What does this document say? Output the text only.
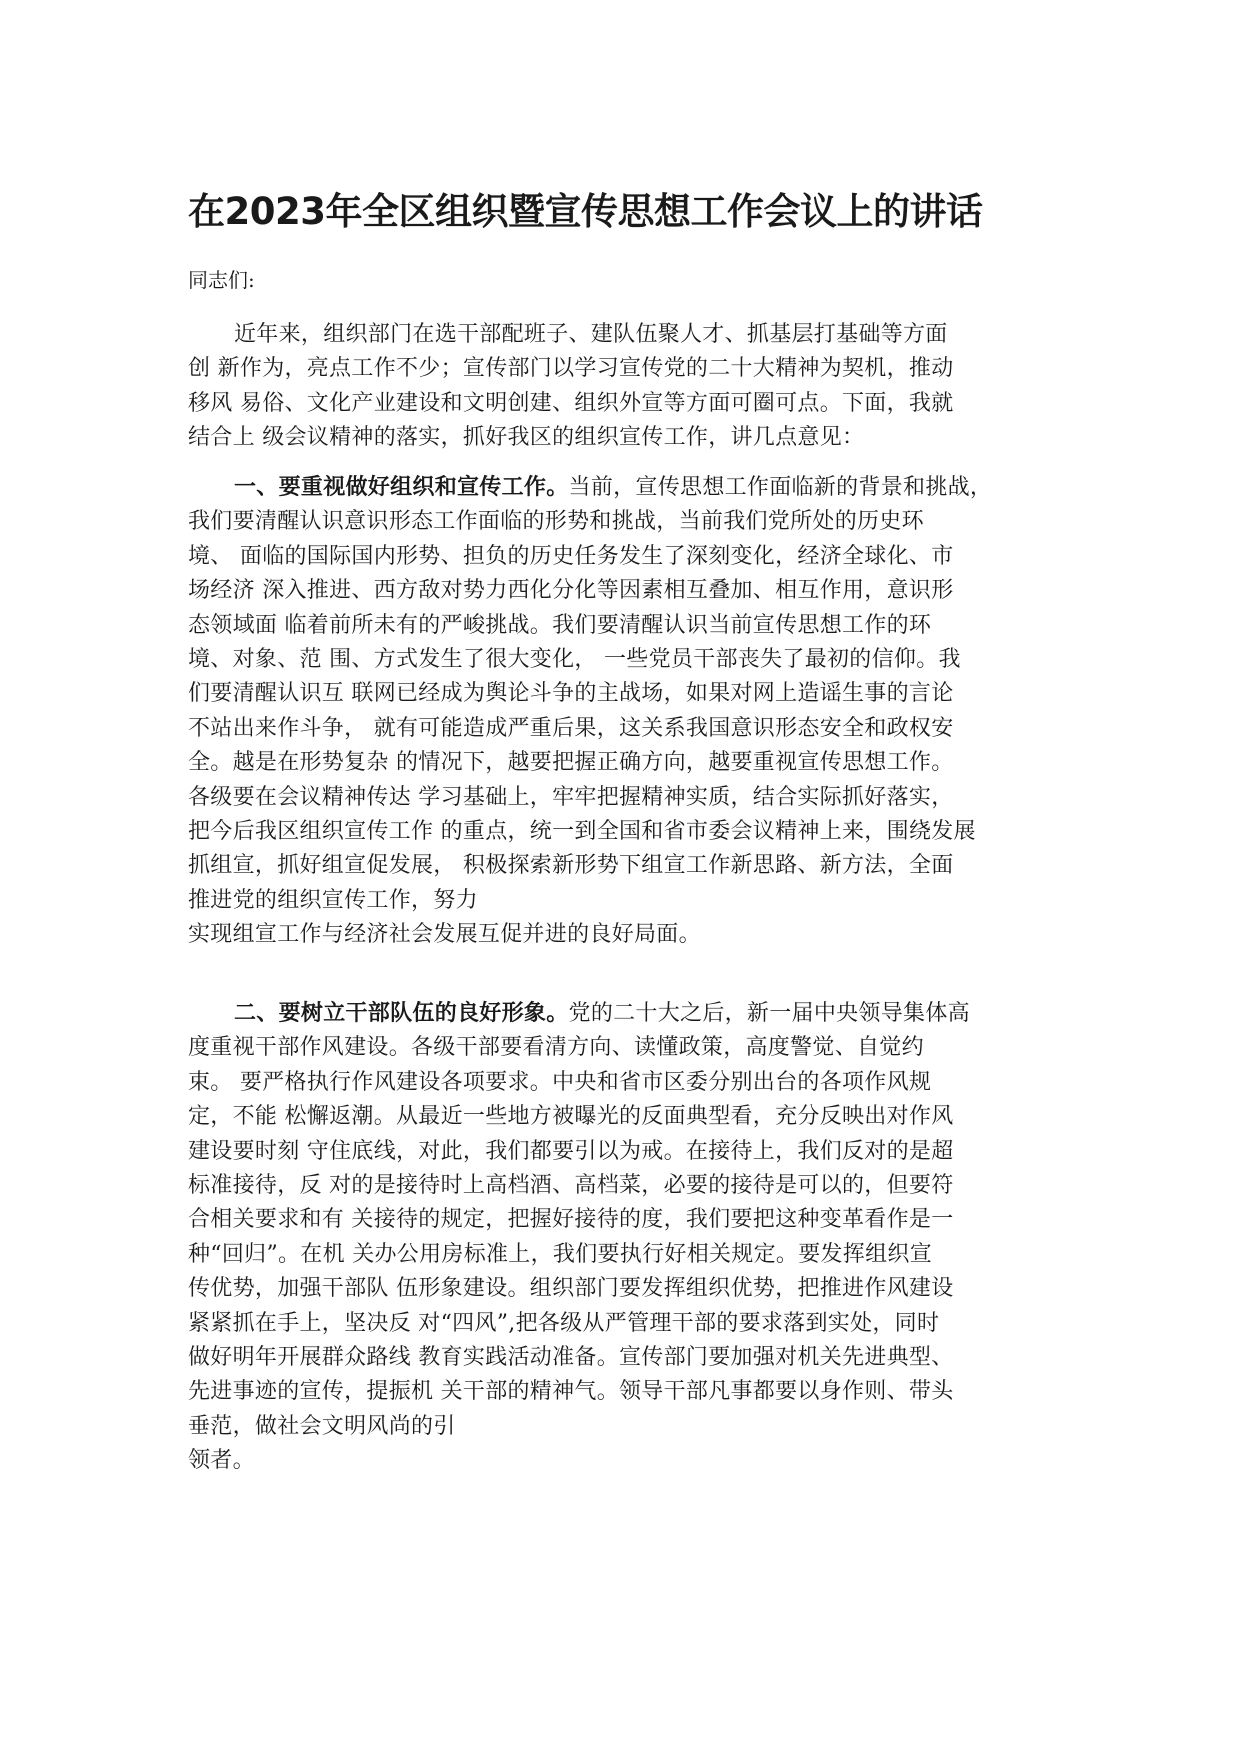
在2023年全区组织暨宣传思想工作会议上的讲话

同志们:

近年来，组织部门在选干部配班子、建队伍聚人才、抓基层打基础等方面
创 新作为，亮点工作不少；宣传部门以学习宣传党的二十大精神为契机，推动
移风 易俗、文化产业建设和文明创建、组织外宣等方面可圈可点。下面，我就
结合上 级会议精神的落实，抓好我区的组织宣传工作，讲几点意见：
一、要重视做好组织和宣传工作。当前，宣传思想工作面临新的背景和挑战，
我们要清醒认识意识形态工作面临的形势和挑战，当前我们党所处的历史环
境、 面临的国际国内形势、担负的历史任务发生了深刻变化，经济全球化、市
场经济 深入推进、西方敌对势力西化分化等因素相互叠加、相互作用，意识形
态领域面 临着前所未有的严峻挑战。我们要清醒认识当前宣传思想工作的环
境、对象、范 围、方式发生了很大变化， 一些党员干部丧失了最初的信仰。我
们要清醒认识互 联网已经成为舆论斗争的主战场，如果对网上造谣生事的言论
不站出来作斗争， 就有可能造成严重后果，这关系我国意识形态安全和政权安
全。越是在形势复杂 的情况下，越要把握正确方向，越要重视宣传思想工作。
各级要在会议精神传达 学习基础上，牢牢把握精神实质，结合实际抓好落实，
把今后我区组织宣传工作 的重点，统一到全国和省市委会议精神上来，围绕发展
抓组宣，抓好组宣促发展， 积极探索新形势下组宣工作新思路、新方法，全面
推进党的组织宣传工作，努力
实现组宣工作与经济社会发展互促并进的良好局面。
二、要树立干部队伍的良好形象。党的二十大之后，新一届中央领导集体高
度重视干部作风建设。各级干部要看清方向、读懂政策，高度警觉、自觉约
束。 要严格执行作风建设各项要求。中央和省市区委分别出台的各项作风规
定，不能 松懈返潮。从最近一些地方被曝光的反面典型看，充分反映出对作风
建设要时刻 守住底线，对此，我们都要引以为戒。在接待上，我们反对的是超
标准接待，反 对的是接待时上高档酒、高档菜，必要的接待是可以的，但要符
合相关要求和有 关接待的规定，把握好接待的度，我们要把这种变革看作是一
种“回归”。在机 关办公用房标准上，我们要执行好相关规定。要发挥组织宣
传优势，加强干部队 伍形象建设。组织部门要发挥组织优势，把推进作风建设
紧紧抓在手上，坚决反 对“四风”,把各级从严管理干部的要求落到实处，同时
做好明年开展群众路线 教育实践活动准备。宣传部门要加强对机关先进典型、
先进事迹的宣传，提振机 关干部的精神气。领导干部凡事都要以身作则、带头
垂范，做社会文明风尚的引
领者。
